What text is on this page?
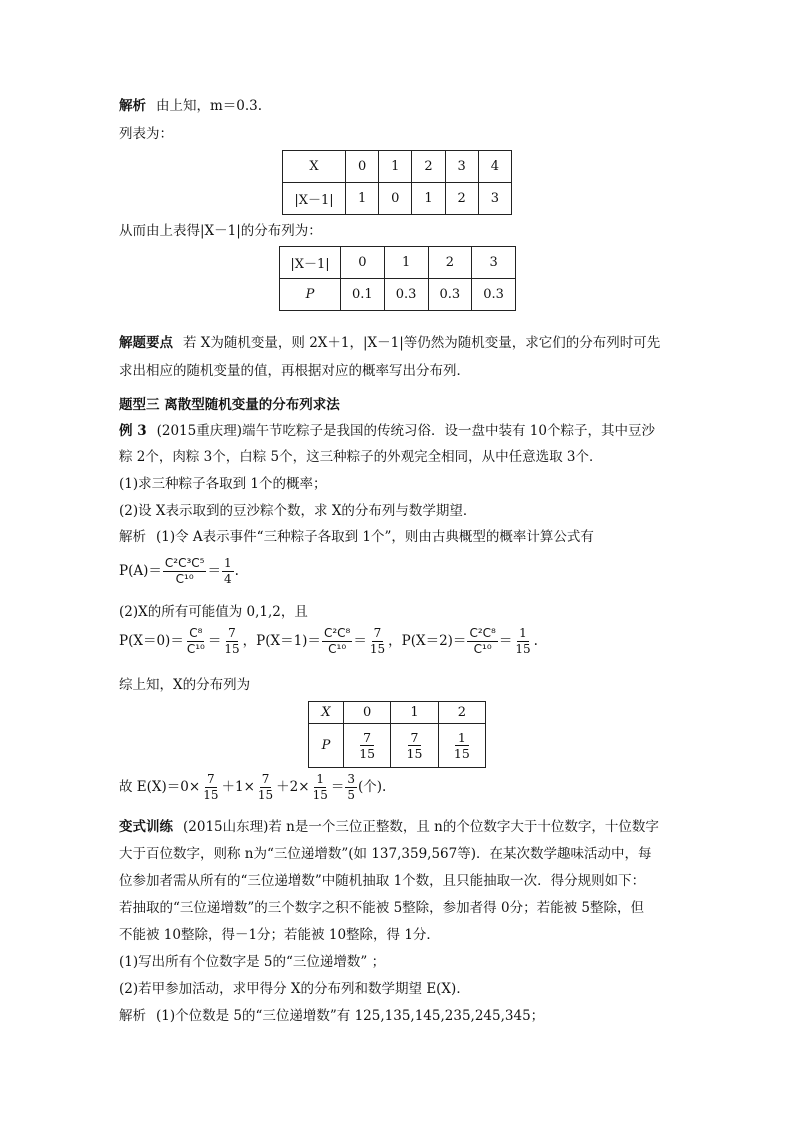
解析 由上知，m＝0.3.
列表为：
X	0	1	2	3	4
|X－1|	1	0	1	2	3
从而由上表得|X－1|的分布列为：
|X－1|	0	1	2	3
P	0.1	0.3	0.3	0.3
解题要点 若 X为随机变量，则 2X＋1，|X－1|等仍然为随机变量，求它们的分布列时可先
求出相应的随机变量的值，再根据对应的概率写出分布列．
题型三 离散型随机变量的分布列求法
例 3 (2015重庆理)端午节吃粽子是我国的传统习俗．设一盘中装有 10个粽子，其中豆沙
粽 2个，肉粽 3个，白粽 5个，这三种粽子的外观完全相同，从中任意选取 3个．
(1)求三种粽子各取到 1个的概率；
(2)设 X表示取到的豆沙粽个数，求 X的分布列与数学期望．
解析 (1)令 A表示事件“三种粽子各取到 1个”，则由古典概型的概率计算公式有
$P(A)= \frac{\text{C²C³C⁵}}{\text{C¹⁰}} = \frac{1}{4}$ .
(2)X的所有可能值为 0,1,2，且
$P(X=0)= \frac{\text{C⁸}}{\text{C¹⁰}} = \frac{7}{15}$ ，$P(X=1)= \frac{\text{C²C⁸}}{\text{C¹⁰}} = \frac{7}{15}$ ，$P(X=2)= \frac{\text{C²C⁸}}{\text{C¹⁰}} = \frac{1}{15}$ .
综上知，X的分布列为
X	0	1	2
P	$\frac{7}{15}$	$\frac{7}{15}$	$\frac{1}{15}$
故 $E(X)=0\times \frac{7}{15} +1\times \frac{7}{15} +2\times \frac{1}{15} = \frac{3}{5}$ (个).
变式训练 (2015山东理)若 n是一个三位正整数，且 n的个位数字大于十位数字，十位数字
大于百位数字，则称 n为“三位递增数”(如 137,359,567等)．在某次数学趣味活动中，每
位参加者需从所有的“三位递增数”中随机抽取 1个数，且只能抽取一次．得分规则如下：
若抽取的“三位递增数”的三个数字之积不能被 5整除，参加者得 0分；若能被 5整除，但
不能被 10整除，得－1分；若能被 10整除，得 1分．
(1)写出所有个位数字是 5的“三位递增数” ；
(2)若甲参加活动，求甲得分 X的分布列和数学期望 E(X)．
解析 (1)个位数是 5的“三位递增数”有 125,135,145,235,245,345；
